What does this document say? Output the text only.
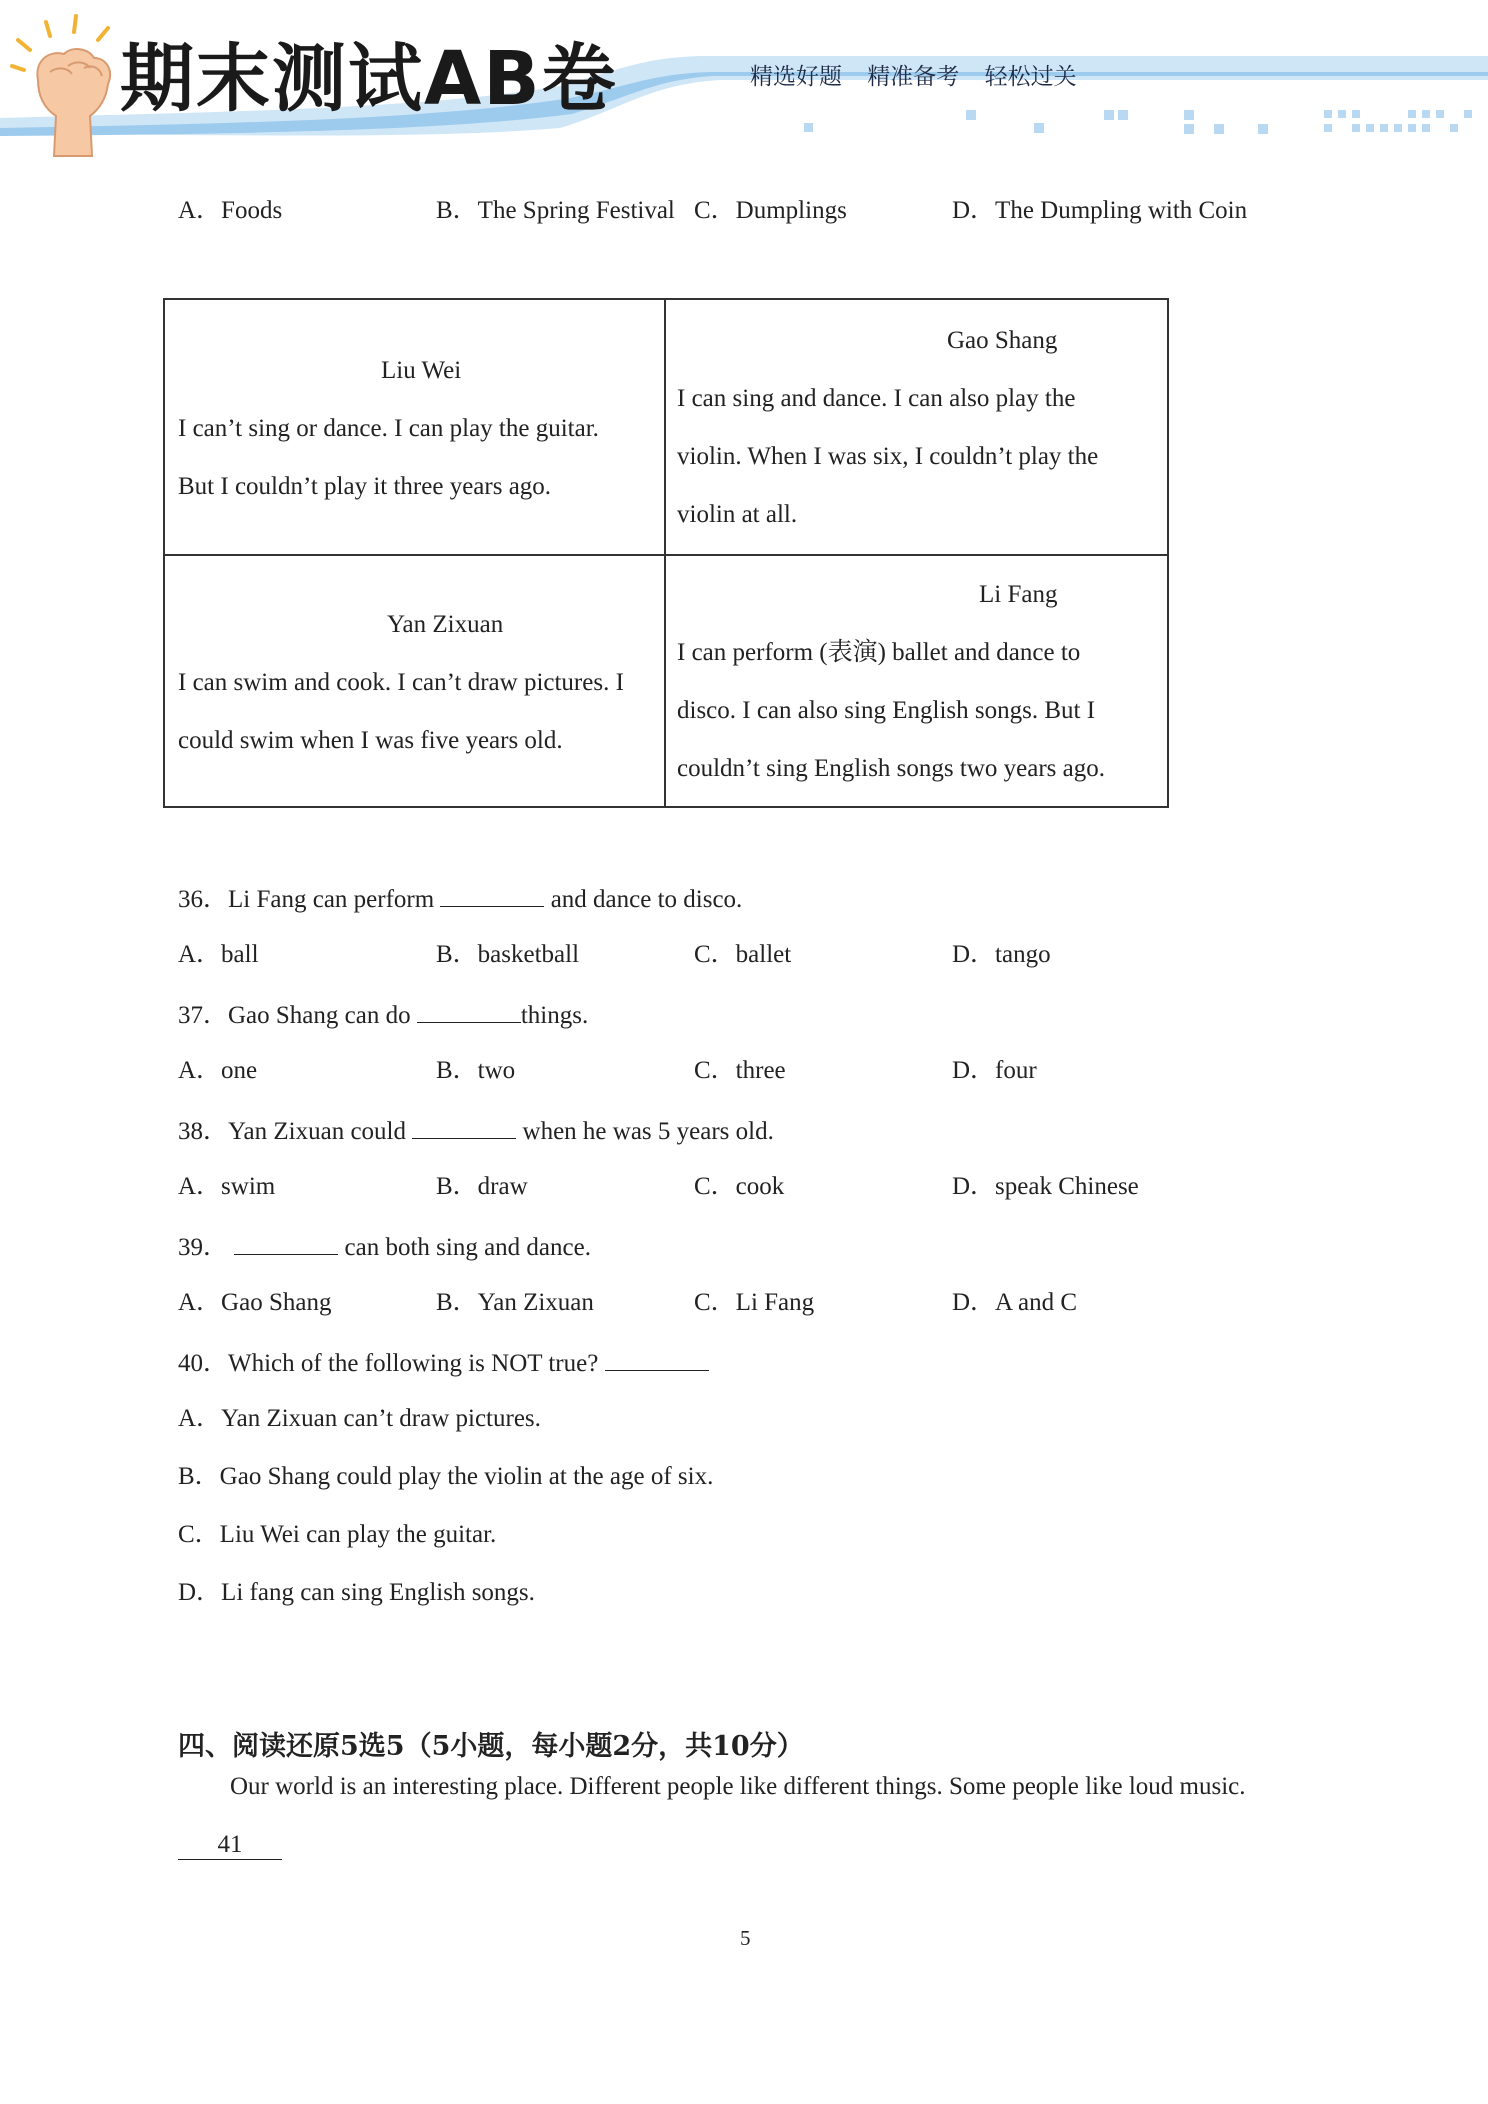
期末测试AB卷	精选好题 精准备考 轻松过关
A．Foods	B．The Spring Festival C．Dumplings	D．The Dumpling with Coin
Liu Wei
I can’t sing or dance. I can play the guitar.
But I couldn’t play it three years ago.
Gao Shang
I can sing and dance. I can also play the
violin. When I was six, I couldn’t play the
violin at all.
Yan Zixuan
I can swim and cook. I can’t draw pictures. I
could swim when I was five years old.
Li Fang
I can perform (表演) ballet and dance to
disco. I can also sing English songs. But I
couldn’t sing English songs two years ago.
36．Li Fang can perform	and dance to disco.
A．ball	B．basketball	C．ballet	D．tango
37．Gao Shang can do	things.
A．one	B．two	C．three	D．four
38．Yan Zixuan could	when he was 5 years old.
A．swim	B．draw	C．cook	D．speak Chinese
39．	can both sing and dance.
A．Gao Shang	B．Yan Zixuan	C．Li Fang	D．A and C
40．Which of the following is NOT true?
A．Yan Zixuan can’t draw pictures.
B．Gao Shang could play the violin at the age of six.
C．Liu Wei can play the guitar.
D．Li fang can sing English songs.
四、阅读还原5选5（5小题，每小题2分，共10分）
Our world is an interesting place. Different people like different things. Some people like loud music.
41
5
